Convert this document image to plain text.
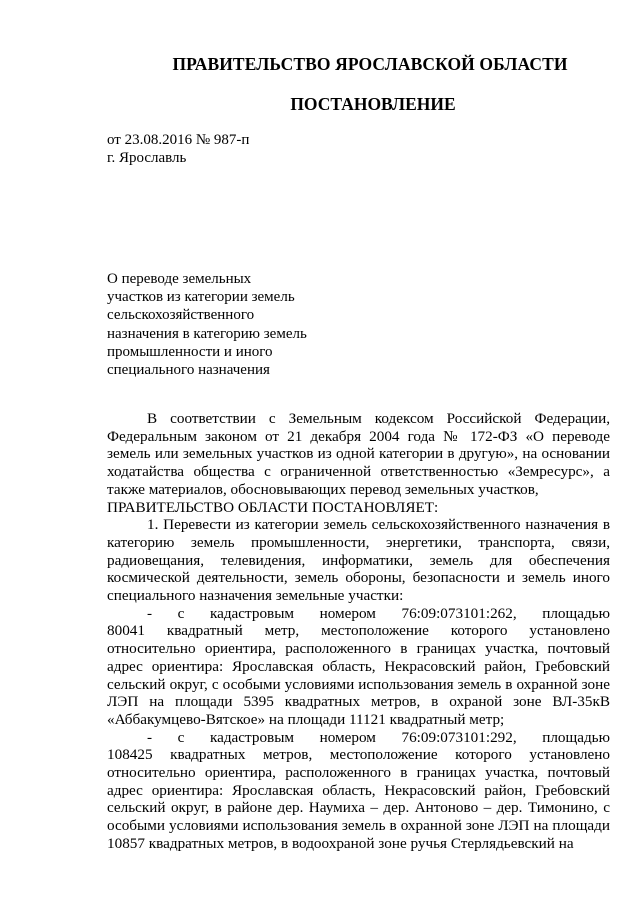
ПРАВИТЕЛЬСТВО ЯРОСЛАВСКОЙ ОБЛАСТИ
ПОСТАНОВЛЕНИЕ
от 23.08.2016 № 987-п
г. Ярославль
О переводе земельных
участков из категории земель
сельскохозяйственного
назначения в категорию земель
промышленности и иного
специального назначения

В соответствии с Земельным кодексом Российской Федерации, Федеральным законом от 21 декабря 2004 года № 172-ФЗ «О переводе земель или земельных участков из одной категории в другую», на основании ходатайства общества с ограниченной ответственностью «Земресурс», а также материалов, обосновывающих перевод земельных участков,

ПРАВИТЕЛЬСТВО ОБЛАСТИ ПОСТАНОВЛЯЕТ:

1. Перевести из категории земель сельскохозяйственного назначения в категорию земель промышленности, энергетики, транспорта, связи, радиовещания, телевидения, информатики, земель для обеспечения космической деятельности, земель обороны, безопасности и земель иного специального назначения земельные участки:

- с кадастровым номером 76:09:073101:262, площадью

80041 квадратный метр, местоположение которого установлено относительно ориентира, расположенного в границах участка, почтовый адрес ориентира: Ярославская область, Некрасовский район, Гребовский сельский округ, с особыми условиями использования земель в охранной зоне ЛЭП на площади 5395 квадратных метров, в охраной зоне ВЛ-35кВ «Аббакумцево-Вятское» на площади 11121 квадратный метр;

- с кадастровым номером 76:09:073101:292, площадью

108425 квадратных метров, местоположение которого установлено относительно ориентира, расположенного в границах участка, почтовый адрес ориентира: Ярославская область, Некрасовский район, Гребовский сельский округ, в районе дер. Наумиха – дер. Антоново – дер. Тимонино, с особыми условиями использования земель в охранной зоне ЛЭП на площади 10857 квадратных метров, в водоохраной зоне ручья Стерлядьевский на
